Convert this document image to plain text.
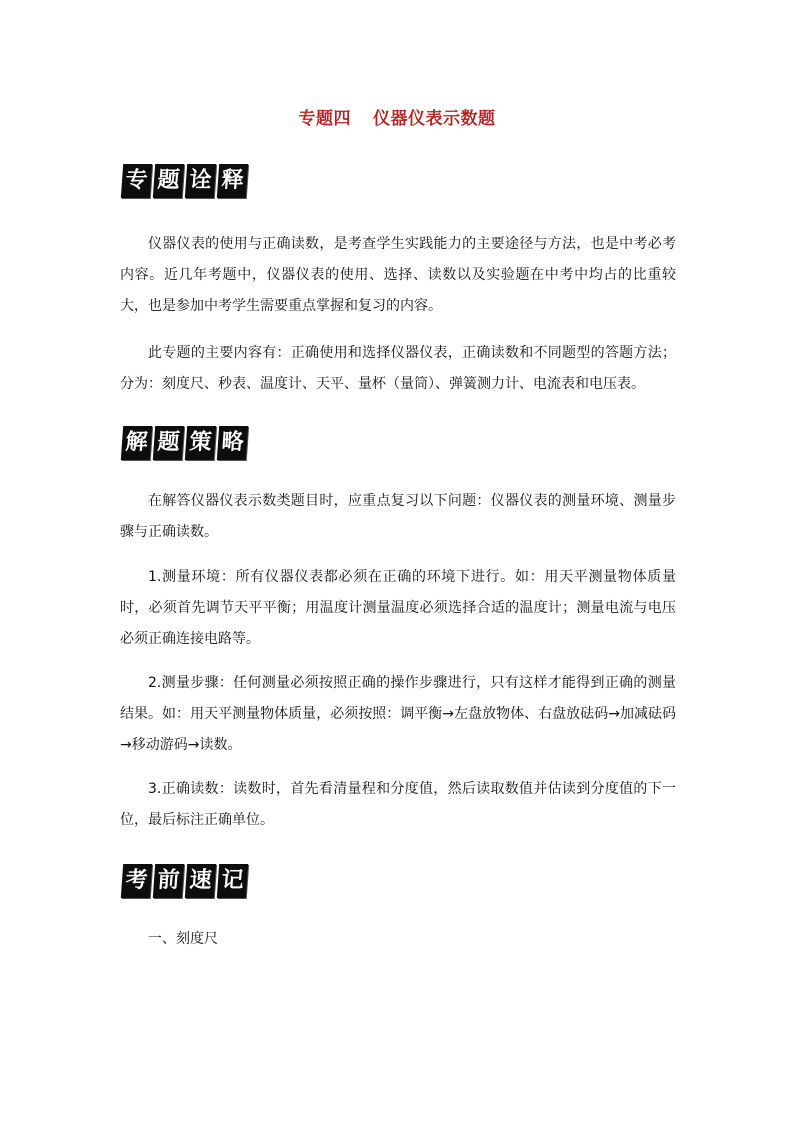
专题四 仪器仪表示数题
专 题 诠 释

仪器仪表的使用与正确读数，是考查学生实践能力的主要途径与方法，也是中考必考内容。近几年考题中，仪器仪表的使用、选择、读数以及实验题在中考中均占的比重较大，也是参加中考学生需要重点掌握和复习的内容。

此专题的主要内容有：正确使用和选择仪器仪表，正确读数和不同题型的答题方法；分为：刻度尺、秒表、温度计、天平、量杯（量筒）、弹簧测力计、电流表和电压表。

解 题 策 略

在解答仪器仪表示数类题目时，应重点复习以下问题：仪器仪表的测量环境、测量步骤与正确读数。

1.测量环境：所有仪器仪表都必须在正确的环境下进行。如：用天平测量物体质量时，必须首先调节天平平衡；用温度计测量温度必须选择合适的温度计；测量电流与电压必须正确连接电路等。

2.测量步骤：任何测量必须按照正确的操作步骤进行，只有这样才能得到正确的测量结果。如：用天平测量物体质量，必须按照：调平衡→左盘放物体、右盘放砝码→加减砝码→移动游码→读数。

3.正确读数：读数时，首先看清量程和分度值，然后读取数值并估读到分度值的下一位，最后标注正确单位。

考 前 速 记

一、刻度尺
